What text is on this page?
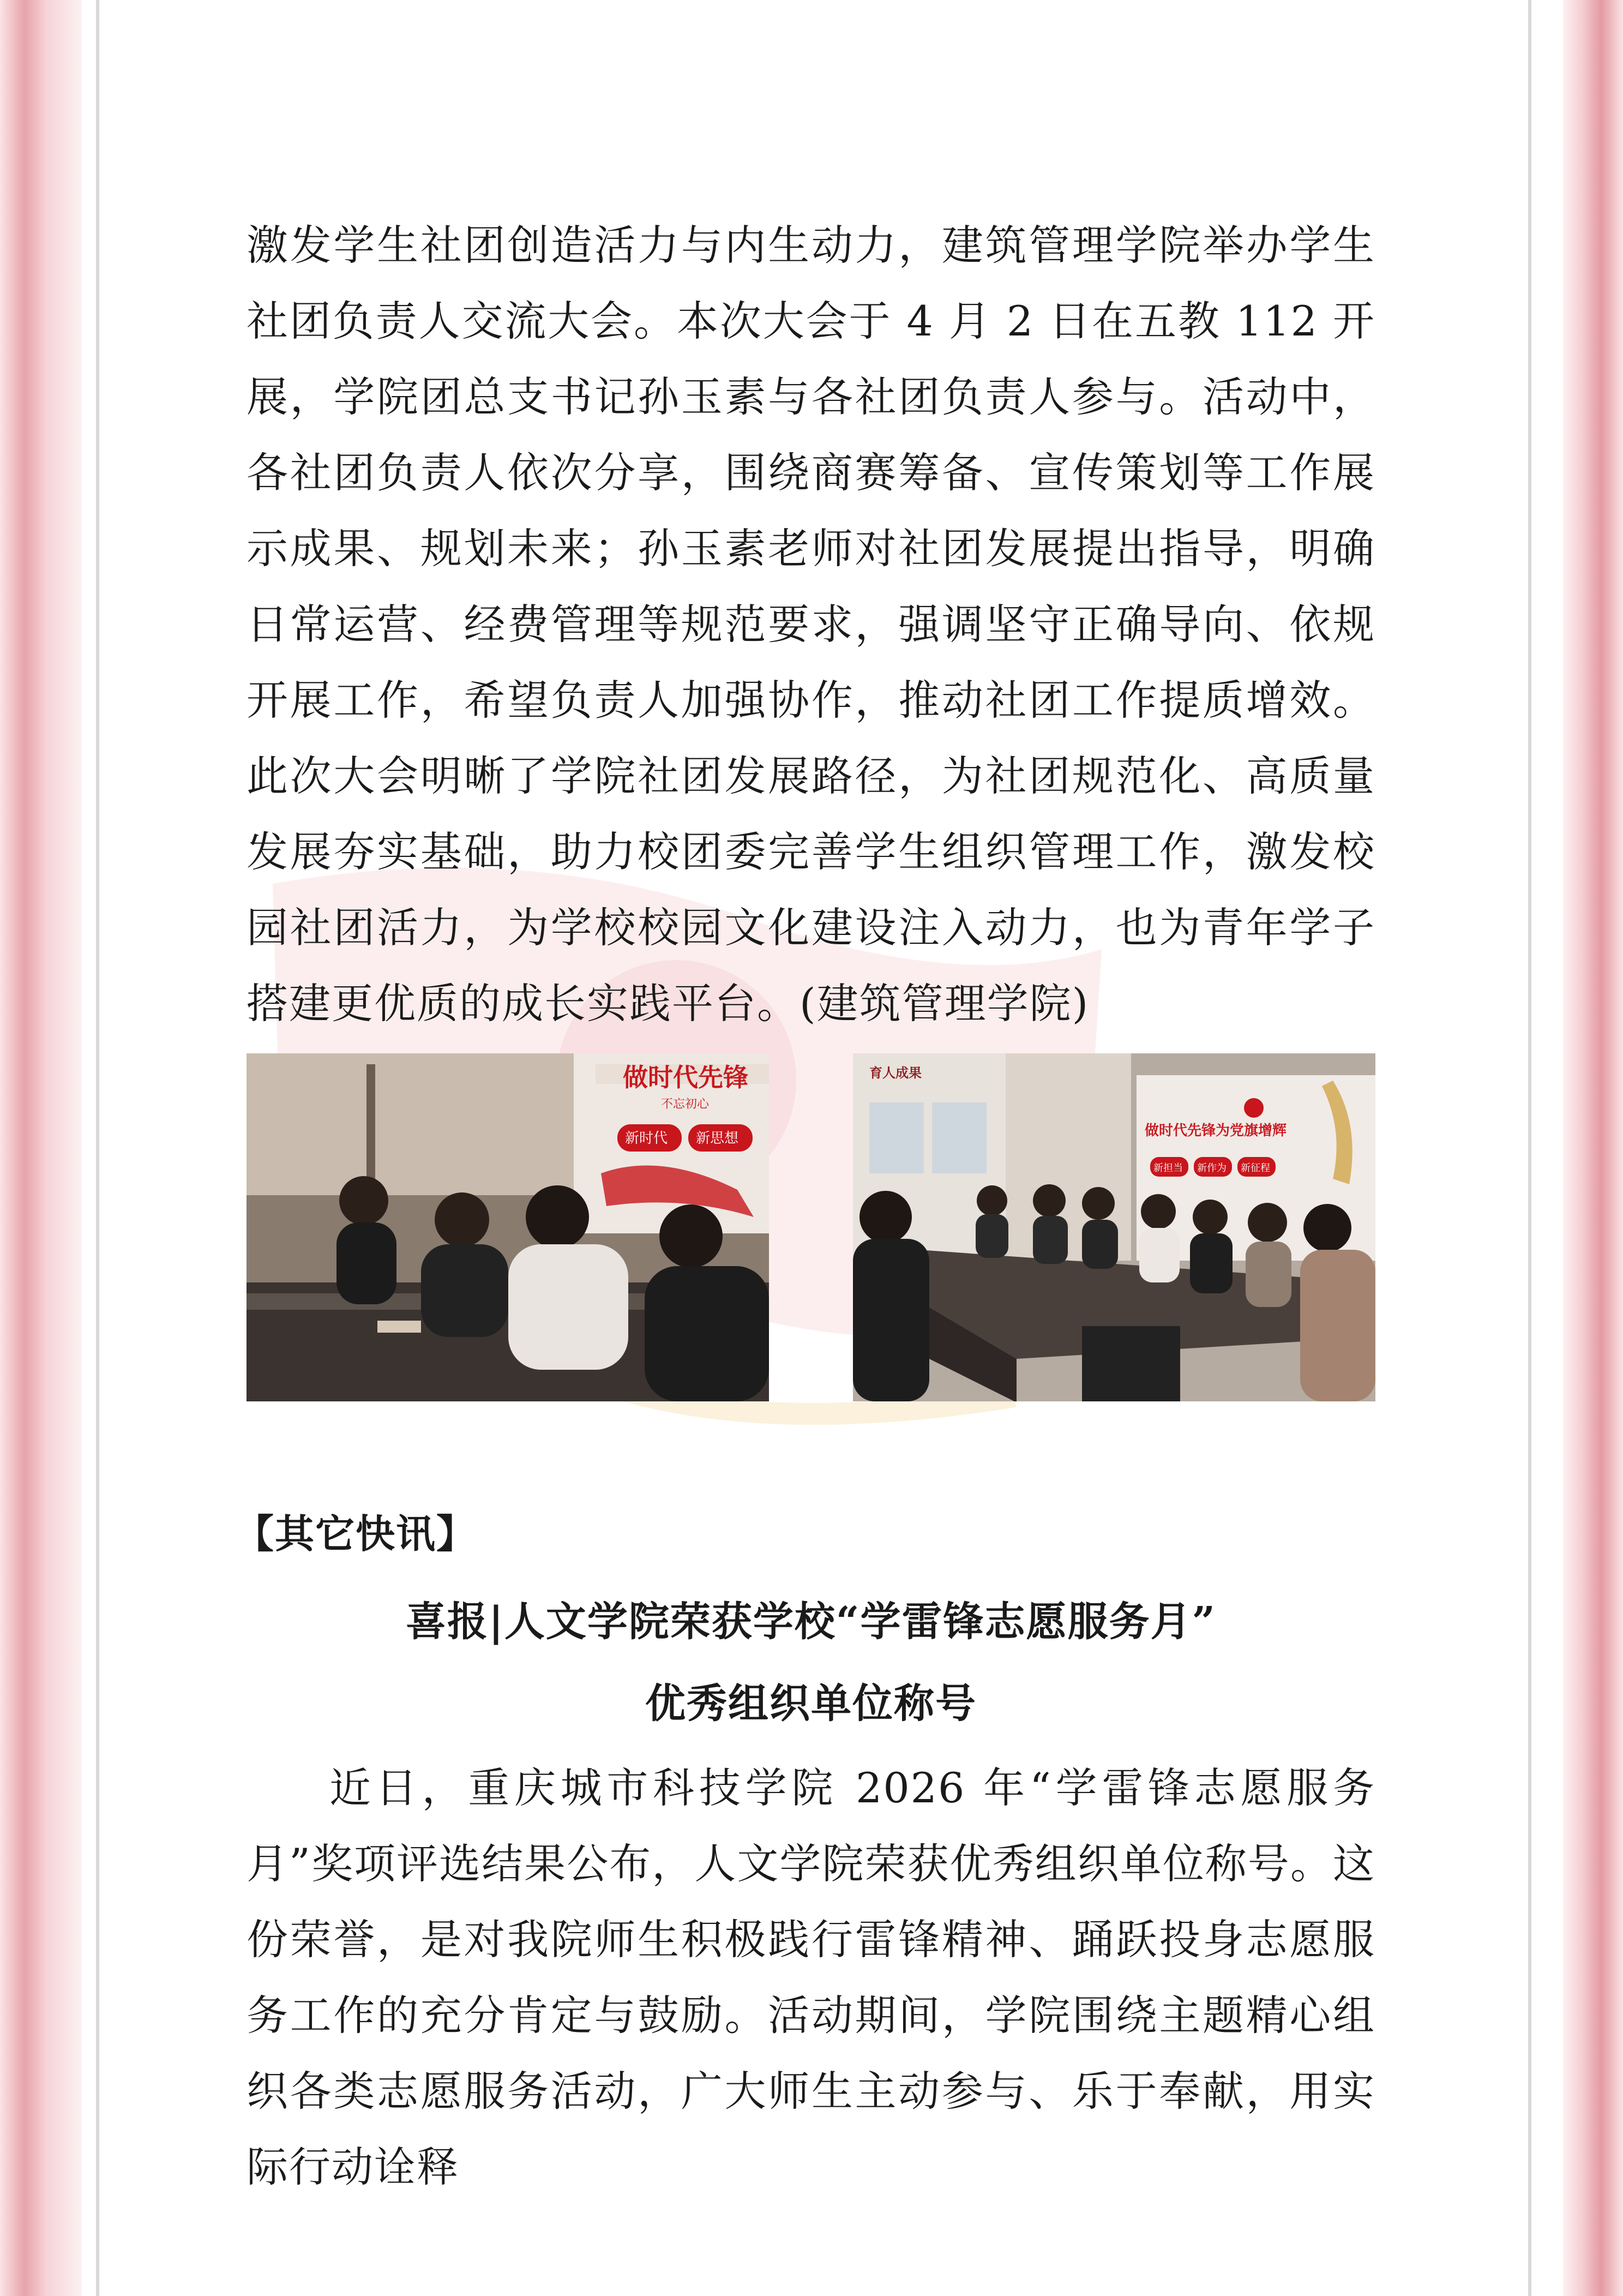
激发学生社团创造活力与内生动力，建筑管理学院举办学生社团负责人交流大会。本次大会于 4 月 2 日在五教 112 开展，学院团总支书记孙玉素与各社团负责人参与。活动中，各社团负责人依次分享，围绕商赛筹备、宣传策划等工作展示成果、规划未来；孙玉素老师对社团发展提出指导，明确日常运营、经费管理等规范要求，强调坚守正确导向、依规开展工作，希望负责人加强协作，推动社团工作提质增效。此次大会明晰了学院社团发展路径，为社团规范化、高质量发展夯实基础，助力校团委完善学生组织管理工作，激发校园社团活力，为学校校园文化建设注入动力，也为青年学子搭建更优质的成长实践平台。(建筑管理学院)

做时代先锋
不忘初心
新时代 新思想
育人成果
做时代先锋为党旗增辉
新担当 新作为 新征程
【其它快讯】
喜报|人文学院荣获学校“学雷锋志愿服务月”
优秀组织单位称号

近日，重庆城市科技学院 2026 年“学雷锋志愿服务月”奖项评选结果公布，人文学院荣获优秀组织单位称号。这份荣誉，是对我院师生积极践行雷锋精神、踊跃投身志愿服务工作的充分肯定与鼓励。活动期间，学院围绕主题精心组织各类志愿服务活动，广大师生主动参与、乐于奉献，用实际行动诠释
